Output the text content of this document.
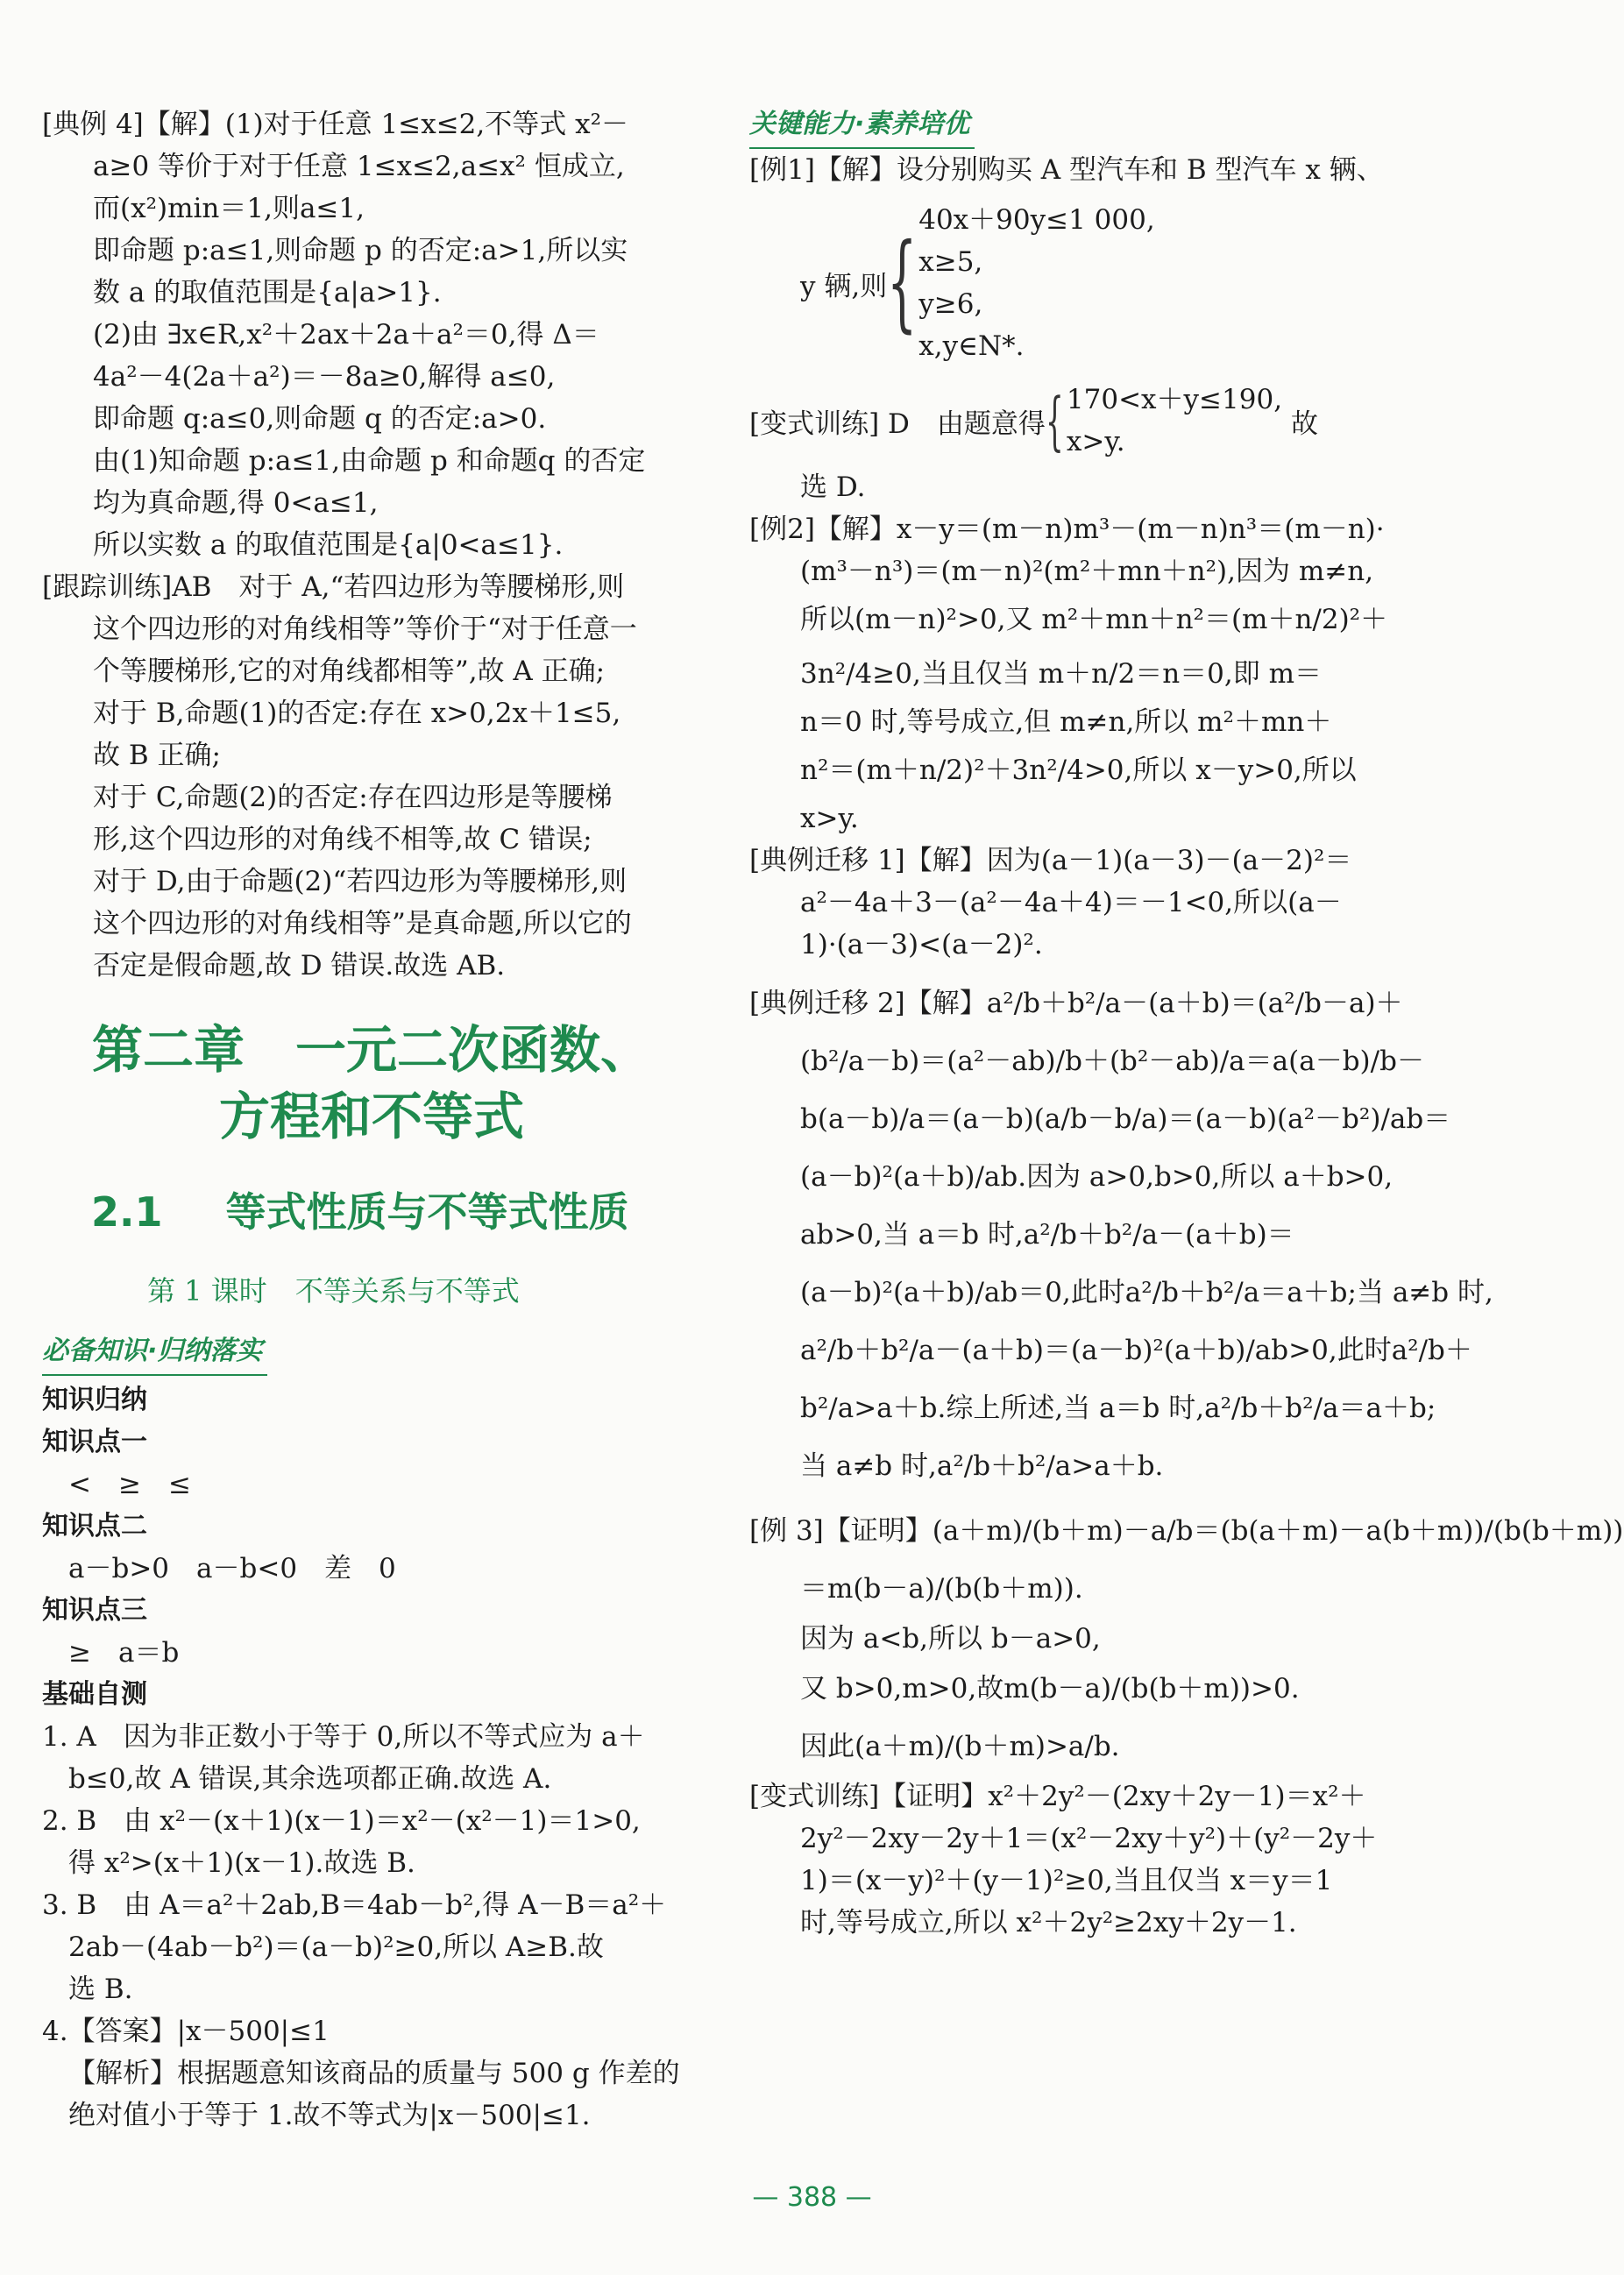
[典例 4]【解】(1)对于任意 1≤x≤2,不等式 x²－
a≥0 等价于对于任意 1≤x≤2,a≤x² 恒成立,
而(x²)min＝1,则a≤1,
即命题 p:a≤1,则命题 p 的否定:a>1,所以实
数 a 的取值范围是{a|a>1}.
(2)由 ∃x∈R,x²＋2ax＋2a＋a²＝0,得 Δ＝
4a²－4(2a＋a²)＝－8a≥0,解得 a≤0,
即命题 q:a≤0,则命题 q 的否定:a>0.
由(1)知命题 p:a≤1,由命题 p 和命题q 的否定
均为真命题,得 0<a≤1,
所以实数 a 的取值范围是{a|0<a≤1}.
[跟踪训练]AB　对于 A,“若四边形为等腰梯形,则
这个四边形的对角线相等”等价于“对于任意一
个等腰梯形,它的对角线都相等”,故 A 正确;
对于 B,命题(1)的否定:存在 x>0,2x＋1≤5,
故 B 正确;
对于 C,命题(2)的否定:存在四边形是等腰梯
形,这个四边形的对角线不相等,故 C 错误;
对于 D,由于命题(2)“若四边形为等腰梯形,则
这个四边形的对角线相等”是真命题,所以它的
否定是假命题,故 D 错误.故选 AB.
第二章　一元二次函数、
方程和不等式
2.1 等式性质与不等式性质
第 1 课时　不等关系与不等式
必备知识·归纳落实
知识归纳
知识点一
<　≥　≤
知识点二
a－b>0　a－b<0　差　0
知识点三
≥　a＝b
基础自测
1. A　因为非正数小于等于 0,所以不等式应为 a＋
b≤0,故 A 错误,其余选项都正确.故选 A.
2. B　由 x²－(x＋1)(x－1)＝x²－(x²－1)＝1>0,
得 x²>(x＋1)(x－1).故选 B.
3. B　由 A＝a²＋2ab,B＝4ab－b²,得 A－B＝a²＋
2ab－(4ab－b²)＝(a－b)²≥0,所以 A≥B.故
选 B.
4.【答案】|x－500|≤1
【解析】根据题意知该商品的质量与 500 g 作差的
绝对值小于等于 1.故不等式为|x－500|≤1.
关键能力·素养培优
[例1]【解】设分别购买 A 型汽车和 B 型汽车 x 辆、
y 辆,则 {
40x＋90y≤1 000,
x≥5,
y≥6,
x,y∈N*.
[变式训练] D　由题意得 { 170<x＋y≤190,
x>y.
故
选 D.
[例2]【解】x－y＝(m－n)m³－(m－n)n³＝(m－n)·
(m³－n³)＝(m－n)²(m²＋mn＋n²),因为 m≠n,
所以(m－n)²>0,又 m²＋mn＋n²＝(m＋n/2)²＋
3n²/4≥0,当且仅当 m＋n/2＝n＝0,即 m＝
n＝0 时,等号成立,但 m≠n,所以 m²＋mn＋
n²＝(m＋n/2)²＋3n²/4>0,所以 x－y>0,所以
x>y.
[典例迁移 1]【解】因为(a－1)(a－3)－(a－2)²＝
a²－4a＋3－(a²－4a＋4)＝－1<0,所以(a－
1)·(a－3)<(a－2)².
[典例迁移 2]【解】a²/b＋b²/a－(a＋b)＝(a²/b－a)＋
(b²/a－b)＝(a²－ab)/b＋(b²－ab)/a＝a(a－b)/b－
b(a－b)/a＝(a－b)(a/b－b/a)＝(a－b)(a²－b²)/ab＝
(a－b)²(a＋b)/ab.因为 a>0,b>0,所以 a＋b>0,
ab>0,当 a＝b 时,a²/b＋b²/a－(a＋b)＝
(a－b)²(a＋b)/ab＝0,此时a²/b＋b²/a＝a＋b;当 a≠b 时,
a²/b＋b²/a－(a＋b)＝(a－b)²(a＋b)/ab>0,此时a²/b＋
b²/a>a＋b.综上所述,当 a＝b 时,a²/b＋b²/a＝a＋b;
当 a≠b 时,a²/b＋b²/a>a＋b.
[例 3]【证明】(a＋m)/(b＋m)－a/b＝(b(a＋m)－a(b＋m))/(b(b＋m))
＝m(b－a)/(b(b＋m)).
因为 a<b,所以 b－a>0,
又 b>0,m>0,故m(b－a)/(b(b＋m))>0.
因此(a＋m)/(b＋m)>a/b.
[变式训练]【证明】x²＋2y²－(2xy＋2y－1)＝x²＋
2y²－2xy－2y＋1＝(x²－2xy＋y²)＋(y²－2y＋
1)＝(x－y)²＋(y－1)²≥0,当且仅当 x＝y＝1
时,等号成立,所以 x²＋2y²≥2xy＋2y－1.
— 388 —
